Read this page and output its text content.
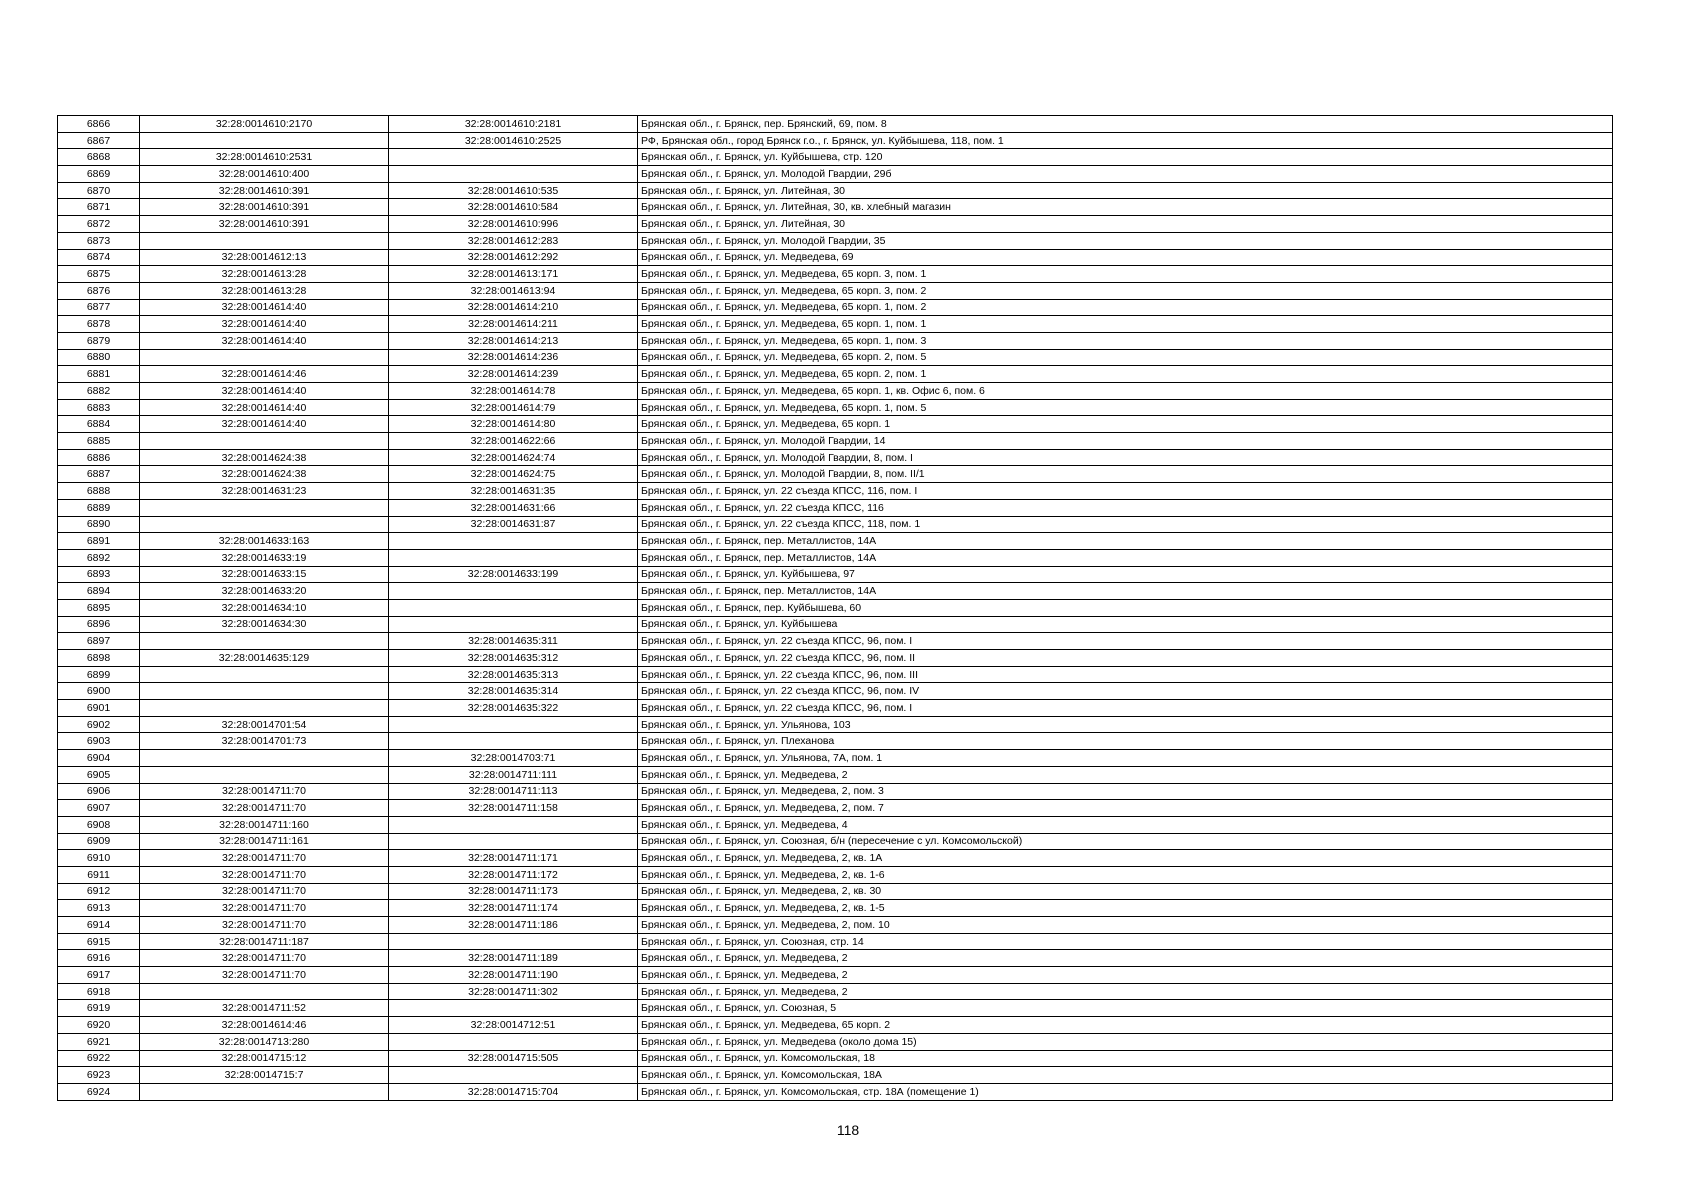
6866	32:28:0014610:2170	32:28:0014610:2181	Брянская обл., г. Брянск, пер. Брянский, 69, пом. 8
6867		32:28:0014610:2525	РФ, Брянская обл., город Брянск г.о., г. Брянск, ул. Куйбышева, 118, пом. 1
6868	32:28:0014610:2531		Брянская обл., г. Брянск, ул. Куйбышева, стр. 120
6869	32:28:0014610:400		Брянская обл., г. Брянск, ул. Молодой Гвардии, 29б
6870	32:28:0014610:391	32:28:0014610:535	Брянская обл., г. Брянск, ул. Литейная, 30
6871	32:28:0014610:391	32:28:0014610:584	Брянская обл., г. Брянск, ул. Литейная, 30, кв. хлебный магазин
6872	32:28:0014610:391	32:28:0014610:996	Брянская обл., г. Брянск, ул. Литейная, 30
6873		32:28:0014612:283	Брянская обл., г. Брянск, ул. Молодой Гвардии, 35
6874	32:28:0014612:13	32:28:0014612:292	Брянская обл., г. Брянск, ул. Медведева, 69
6875	32:28:0014613:28	32:28:0014613:171	Брянская обл., г. Брянск, ул. Медведева, 65 корп. 3, пом. 1
6876	32:28:0014613:28	32:28:0014613:94	Брянская обл., г. Брянск, ул. Медведева, 65 корп. 3, пом. 2
6877	32:28:0014614:40	32:28:0014614:210	Брянская обл., г. Брянск, ул. Медведева, 65 корп. 1, пом. 2
6878	32:28:0014614:40	32:28:0014614:211	Брянская обл., г. Брянск, ул. Медведева, 65 корп. 1, пом. 1
6879	32:28:0014614:40	32:28:0014614:213	Брянская обл., г. Брянск, ул. Медведева, 65 корп. 1, пом. 3
6880		32:28:0014614:236	Брянская обл., г. Брянск, ул. Медведева, 65 корп. 2, пом. 5
6881	32:28:0014614:46	32:28:0014614:239	Брянская обл., г. Брянск, ул. Медведева, 65 корп. 2, пом. 1
6882	32:28:0014614:40	32:28:0014614:78	Брянская обл., г. Брянск, ул. Медведева, 65 корп. 1, кв. Офис 6, пом. 6
6883	32:28:0014614:40	32:28:0014614:79	Брянская обл., г. Брянск, ул. Медведева, 65 корп. 1, пом. 5
6884	32:28:0014614:40	32:28:0014614:80	Брянская обл., г. Брянск, ул. Медведева, 65 корп. 1
6885		32:28:0014622:66	Брянская обл., г. Брянск, ул. Молодой Гвардии, 14
6886	32:28:0014624:38	32:28:0014624:74	Брянская обл., г. Брянск, ул. Молодой Гвардии, 8, пом. I
6887	32:28:0014624:38	32:28:0014624:75	Брянская обл., г. Брянск, ул. Молодой Гвардии, 8, пом. II/1
6888	32:28:0014631:23	32:28:0014631:35	Брянская обл., г. Брянск, ул. 22 съезда КПСС, 116, пом. I
6889		32:28:0014631:66	Брянская обл., г. Брянск, ул. 22 съезда КПСС, 116
6890		32:28:0014631:87	Брянская обл., г. Брянск, ул. 22 съезда КПСС, 118, пом. 1
6891	32:28:0014633:163		Брянская обл., г. Брянск, пер. Металлистов, 14А
6892	32:28:0014633:19		Брянская обл., г. Брянск, пер. Металлистов, 14А
6893	32:28:0014633:15	32:28:0014633:199	Брянская обл., г. Брянск, ул. Куйбышева, 97
6894	32:28:0014633:20		Брянская обл., г. Брянск, пер. Металлистов, 14А
6895	32:28:0014634:10		Брянская обл., г. Брянск, пер. Куйбышева, 60
6896	32:28:0014634:30		Брянская обл., г. Брянск, ул. Куйбышева
6897		32:28:0014635:311	Брянская обл., г. Брянск, ул. 22 съезда КПСС, 96, пом. I
6898	32:28:0014635:129	32:28:0014635:312	Брянская обл., г. Брянск, ул. 22 съезда КПСС, 96, пом. II
6899		32:28:0014635:313	Брянская обл., г. Брянск, ул. 22 съезда КПСС, 96, пом. III
6900		32:28:0014635:314	Брянская обл., г. Брянск, ул. 22 съезда КПСС, 96, пом. IV
6901		32:28:0014635:322	Брянская обл., г. Брянск, ул. 22 съезда КПСС, 96, пом. I
6902	32:28:0014701:54		Брянская обл., г. Брянск, ул. Ульянова, 103
6903	32:28:0014701:73		Брянская обл., г. Брянск, ул. Плеханова
6904		32:28:0014703:71	Брянская обл., г. Брянск, ул. Ульянова, 7А, пом. 1
6905		32:28:0014711:111	Брянская обл., г. Брянск, ул. Медведева, 2
6906	32:28:0014711:70	32:28:0014711:113	Брянская обл., г. Брянск, ул. Медведева, 2, пом. 3
6907	32:28:0014711:70	32:28:0014711:158	Брянская обл., г. Брянск, ул. Медведева, 2, пом. 7
6908	32:28:0014711:160		Брянская обл., г. Брянск, ул. Медведева, 4
6909	32:28:0014711:161		Брянская обл., г. Брянск, ул. Союзная, б/н (пересечение с ул. Комсомольской)
6910	32:28:0014711:70	32:28:0014711:171	Брянская обл., г. Брянск, ул. Медведева, 2, кв. 1А
6911	32:28:0014711:70	32:28:0014711:172	Брянская обл., г. Брянск, ул. Медведева, 2, кв. 1-6
6912	32:28:0014711:70	32:28:0014711:173	Брянская обл., г. Брянск, ул. Медведева, 2, кв. 30
6913	32:28:0014711:70	32:28:0014711:174	Брянская обл., г. Брянск, ул. Медведева, 2, кв. 1-5
6914	32:28:0014711:70	32:28:0014711:186	Брянская обл., г. Брянск, ул. Медведева, 2, пом. 10
6915	32:28:0014711:187		Брянская обл., г. Брянск, ул. Союзная, стр. 14
6916	32:28:0014711:70	32:28:0014711:189	Брянская обл., г. Брянск, ул. Медведева, 2
6917	32:28:0014711:70	32:28:0014711:190	Брянская обл., г. Брянск, ул. Медведева, 2
6918		32:28:0014711:302	Брянская обл., г. Брянск, ул. Медведева, 2
6919	32:28:0014711:52		Брянская обл., г. Брянск, ул. Союзная, 5
6920	32:28:0014614:46	32:28:0014712:51	Брянская обл., г. Брянск, ул. Медведева, 65 корп. 2
6921	32:28:0014713:280		Брянская обл., г. Брянск, ул. Медведева (около дома 15)
6922	32:28:0014715:12	32:28:0014715:505	Брянская обл., г. Брянск, ул. Комсомольская, 18
6923	32:28:0014715:7		Брянская обл., г. Брянск, ул. Комсомольская, 18А
6924		32:28:0014715:704	Брянская обл., г. Брянск, ул. Комсомольская, стр. 18А (помещение 1)
118
